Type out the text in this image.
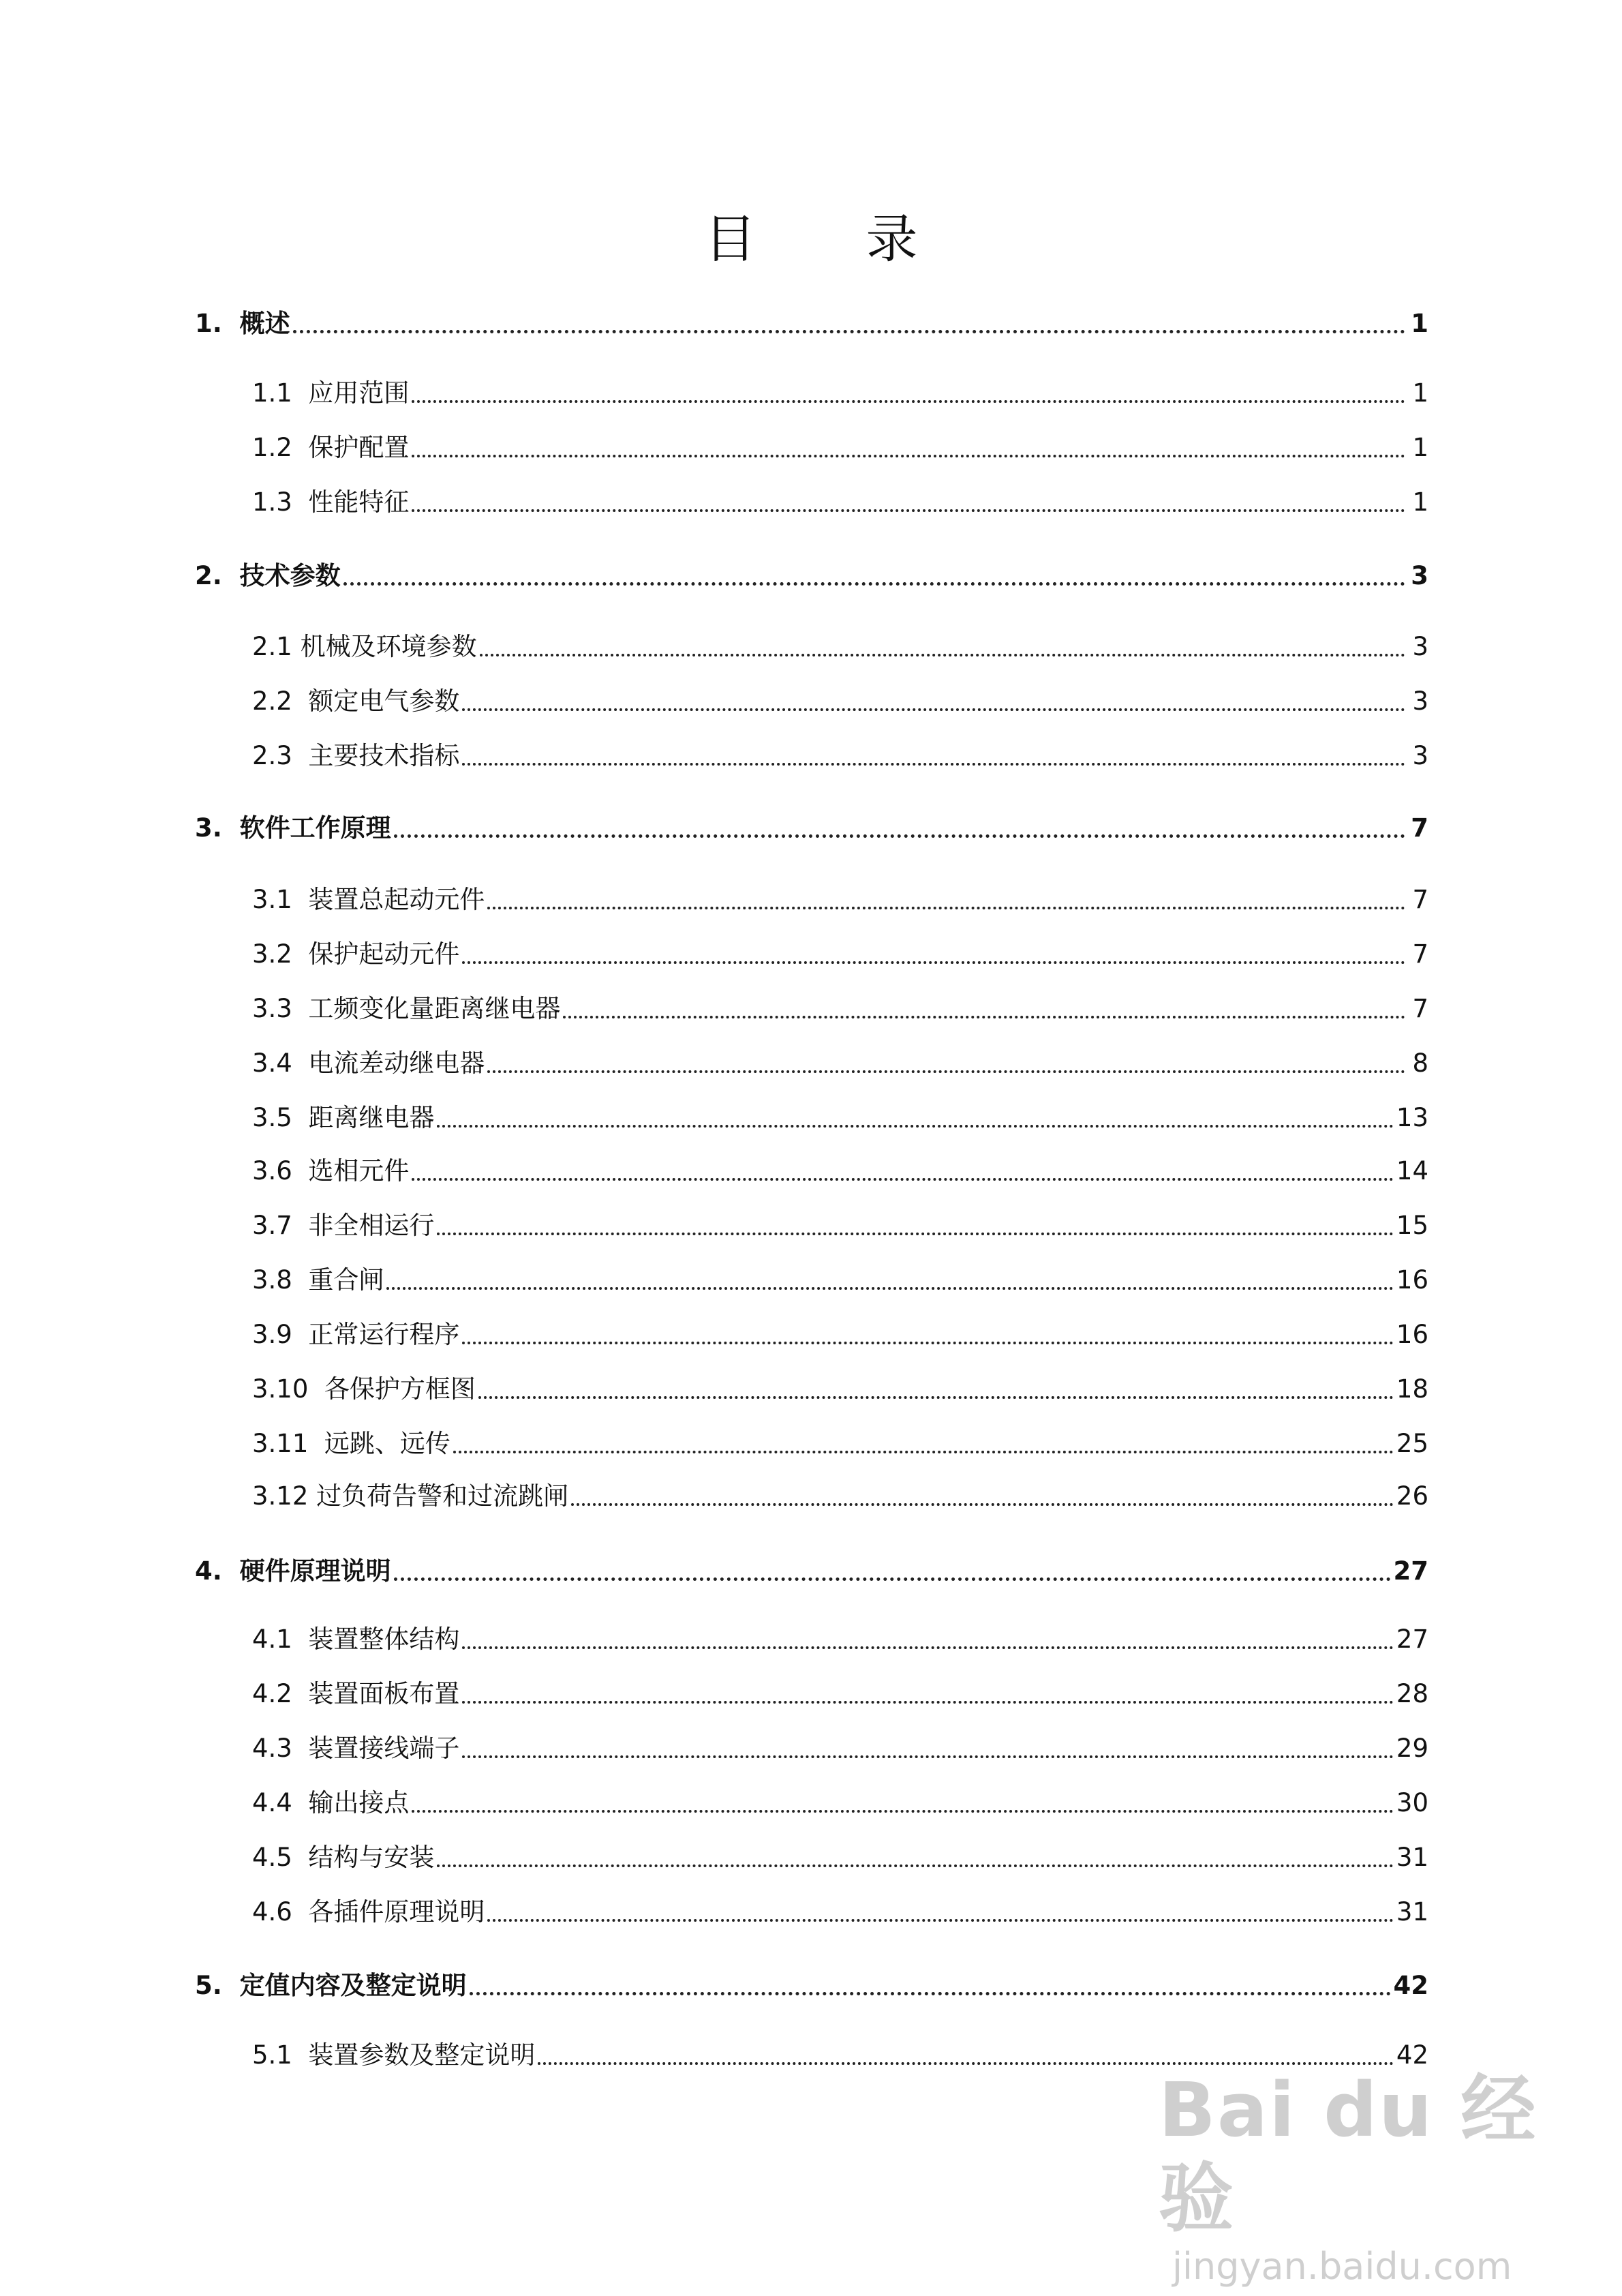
目 录
1.  概述	1
1.1  应用范围	1
1.2  保护配置	1
1.3  性能特征	1
2.  技术参数	3
2.1 机械及环境参数	3
2.2  额定电气参数	3
2.3  主要技术指标	3
3.  软件工作原理	7
3.1  装置总起动元件	7
3.2  保护起动元件	7
3.3  工频变化量距离继电器	7
3.4  电流差动继电器	8
3.5  距离继电器	13
3.6  选相元件	14
3.7  非全相运行	15
3.8  重合闸	16
3.9  正常运行程序	16
3.10  各保护方框图	18
3.11  远跳、远传	25
3.12 过负荷告警和过流跳闸	26
4.  硬件原理说明	27
4.1  装置整体结构	27
4.2  装置面板布置	28
4.3  装置接线端子	29
4.4  输出接点	30
4.5  结构与安装	31
4.6  各插件原理说明	31
5.  定值内容及整定说明	42
5.1  装置参数及整定说明	42
Bai du 经验
jingyan.baidu.com
